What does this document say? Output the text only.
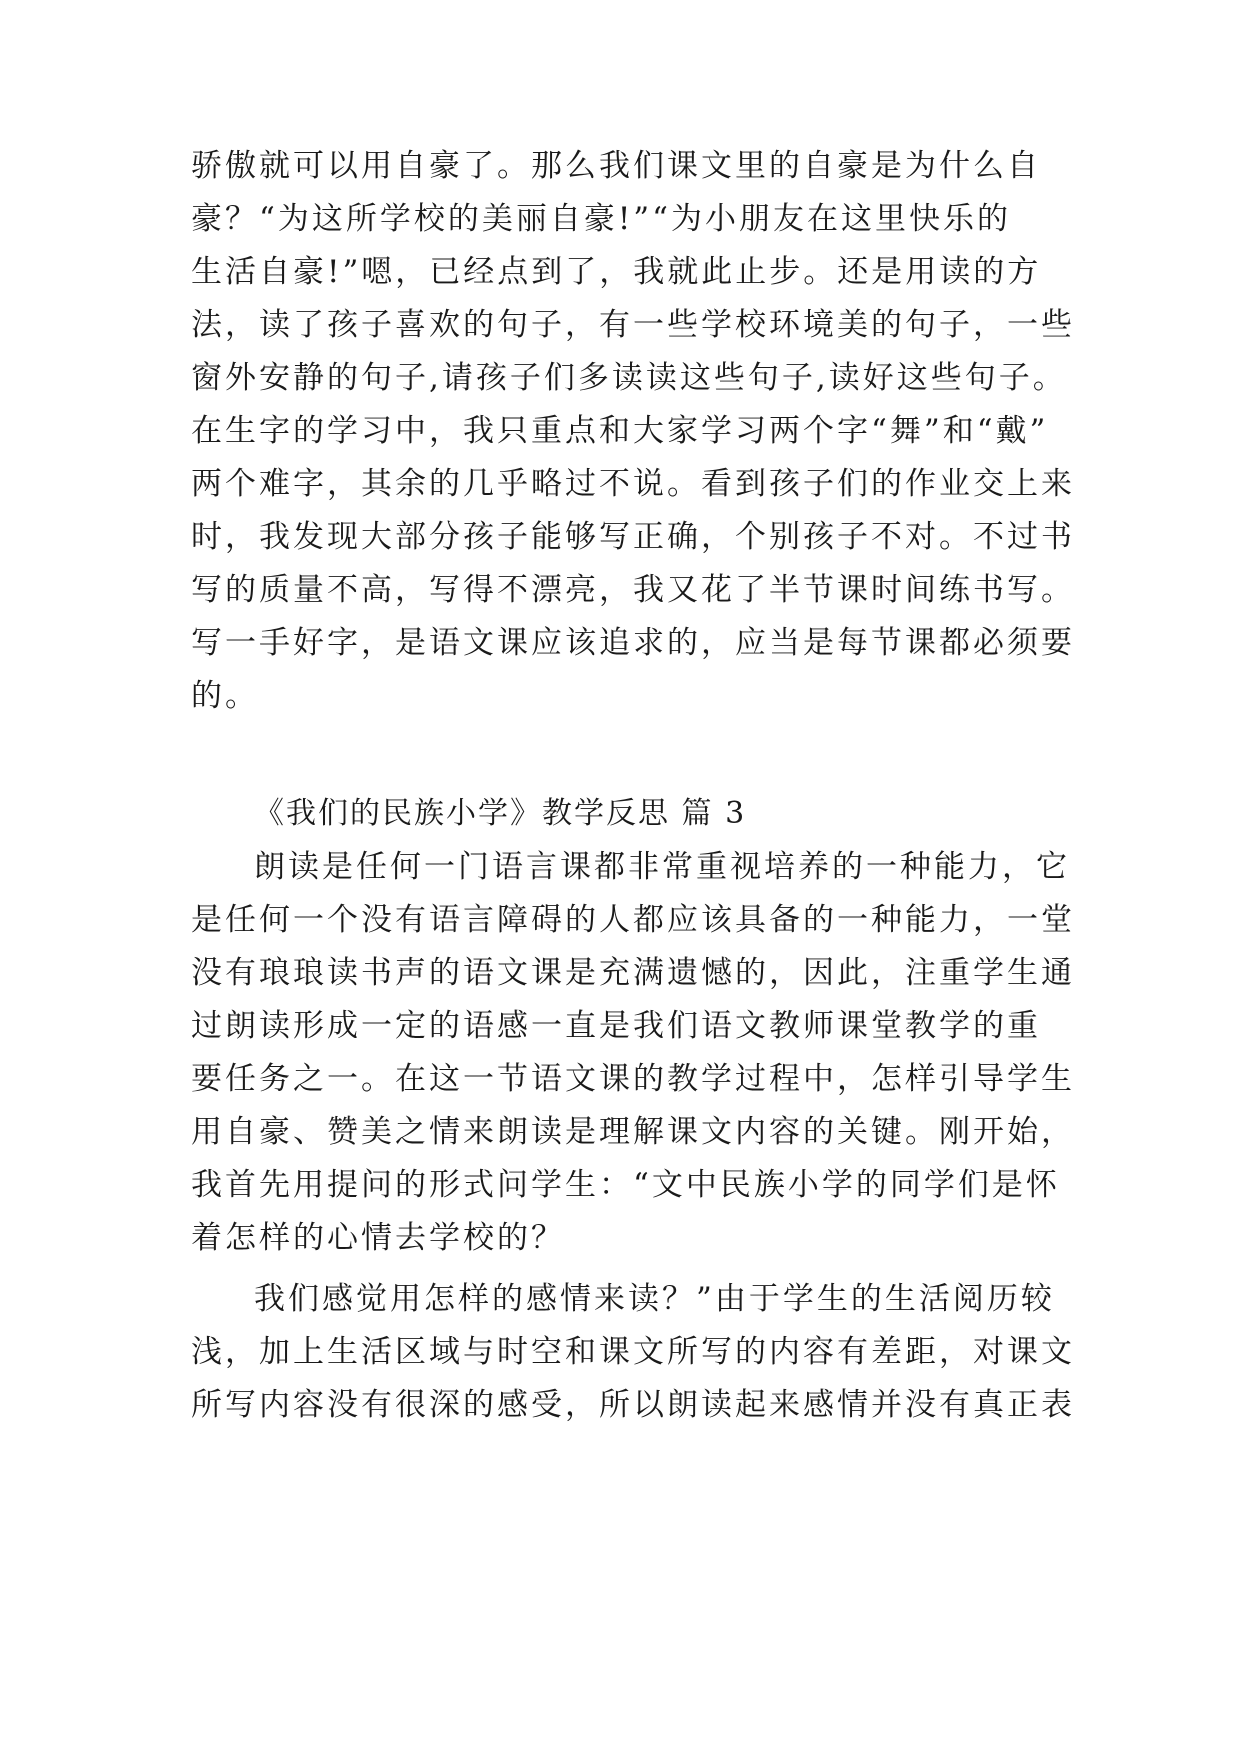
骄傲就可以用自豪了。那么我们课文里的自豪是为什么自
豪？“为这所学校的美丽自豪!”“为小朋友在这里快乐的
生活自豪!”嗯，已经点到了，我就此止步。还是用读的方
法，读了孩子喜欢的句子，有一些学校环境美的句子，一些
窗外安静的句子,请孩子们多读读这些句子,读好这些句子。
在生字的学习中，我只重点和大家学习两个字“舞”和“戴”
两个难字，其余的几乎略过不说。看到孩子们的作业交上来
时，我发现大部分孩子能够写正确，个别孩子不对。不过书
写的质量不高，写得不漂亮，我又花了半节课时间练书写。
写一手好字，是语文课应该追求的，应当是每节课都必须要
的。
《我们的民族小学》教学反思 篇 3
朗读是任何一门语言课都非常重视培养的一种能力，它
是任何一个没有语言障碍的人都应该具备的一种能力，一堂
没有琅琅读书声的语文课是充满遗憾的，因此，注重学生通
过朗读形成一定的语感一直是我们语文教师课堂教学的重
要任务之一。在这一节语文课的教学过程中，怎样引导学生
用自豪、赞美之情来朗读是理解课文内容的关键。刚开始，
我首先用提问的形式问学生：“文中民族小学的同学们是怀
着怎样的心情去学校的？
我们感觉用怎样的感情来读？”由于学生的生活阅历较
浅，加上生活区域与时空和课文所写的内容有差距，对课文
所写内容没有很深的感受，所以朗读起来感情并没有真正表
